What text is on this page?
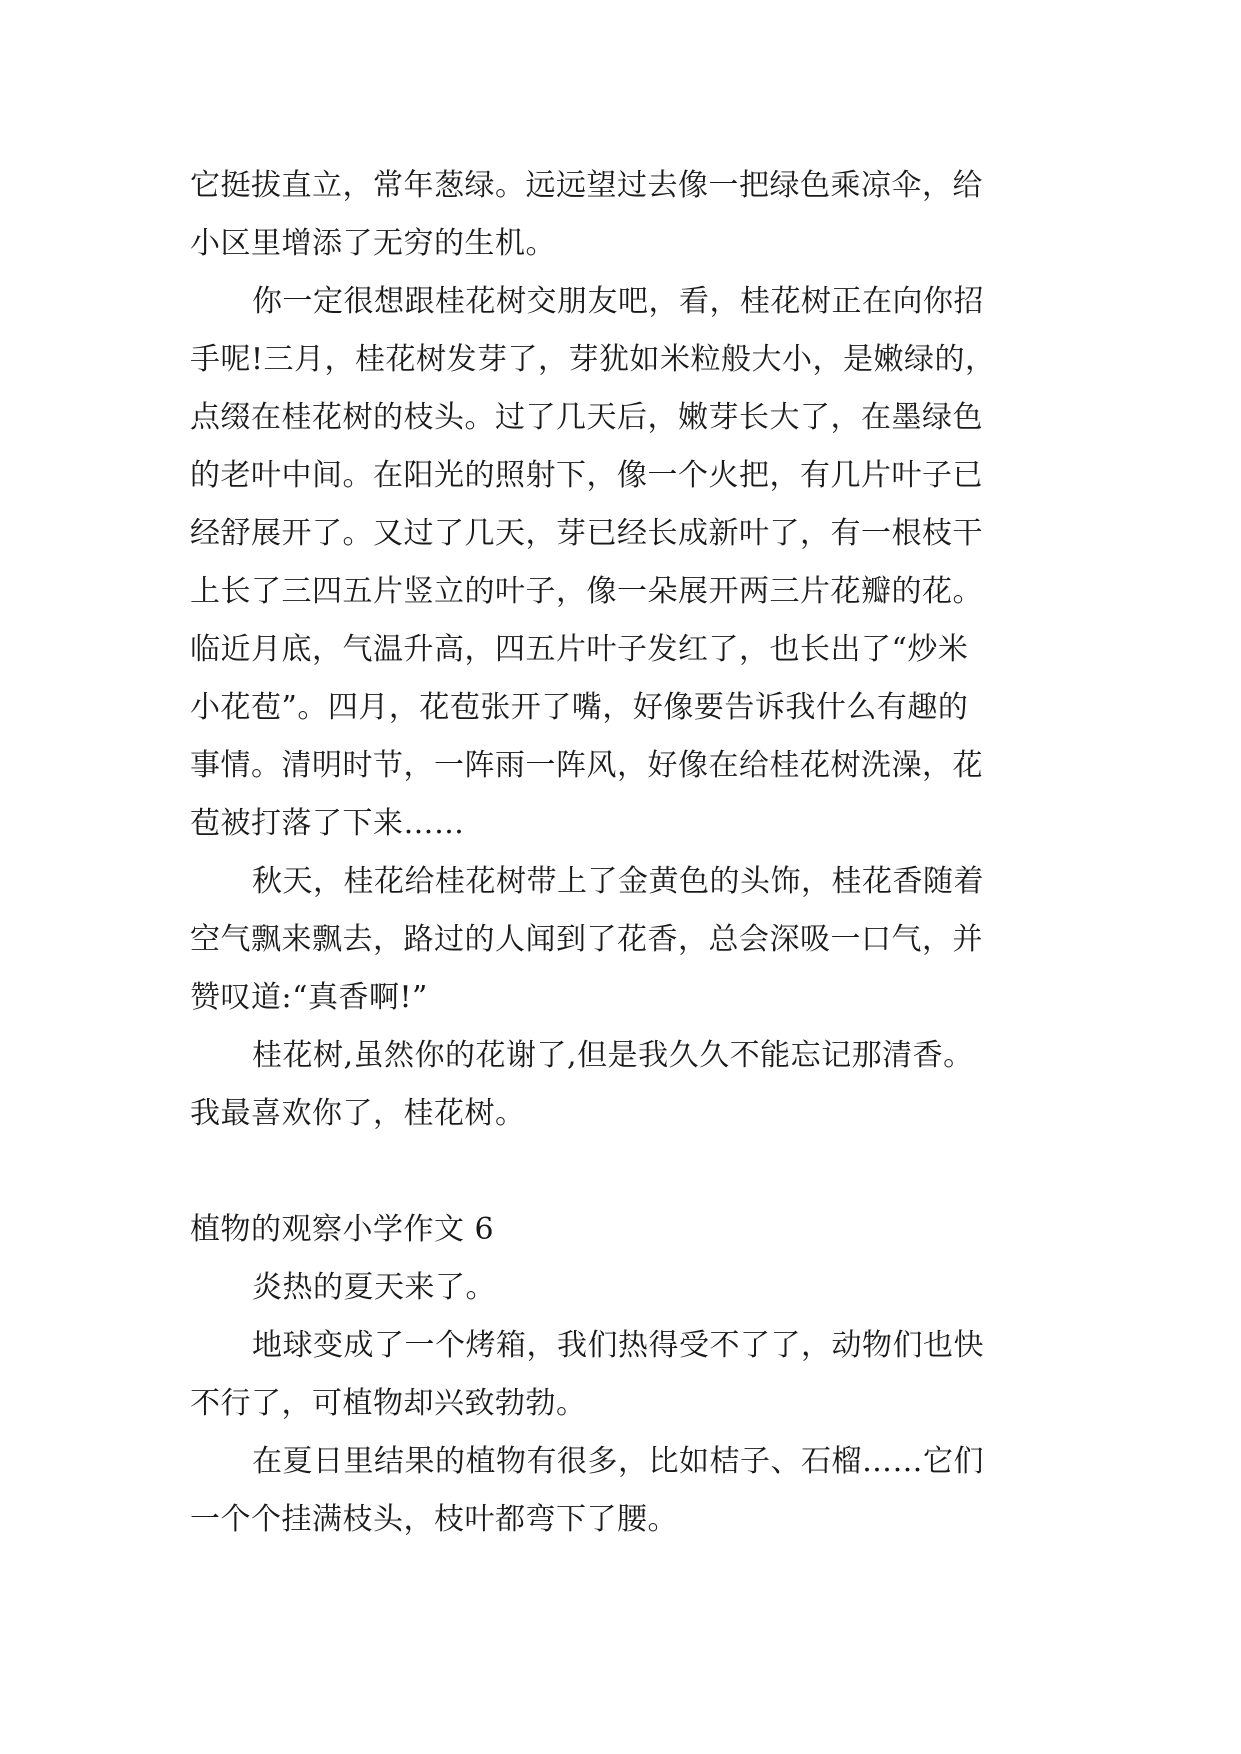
它挺拔直立，常年葱绿。远远望过去像一把绿色乘凉伞，给
小区里增添了无穷的生机。
你一定很想跟桂花树交朋友吧，看，桂花树正在向你招
手呢!三月，桂花树发芽了，芽犹如米粒般大小，是嫩绿的，
点缀在桂花树的枝头。过了几天后，嫩芽长大了，在墨绿色
的老叶中间。在阳光的照射下，像一个火把，有几片叶子已
经舒展开了。又过了几天，芽已经长成新叶了，有一根枝干
上长了三四五片竖立的叶子，像一朵展开两三片花瓣的花。
临近月底，气温升高，四五片叶子发红了，也长出了“炒米
小花苞”。四月，花苞张开了嘴，好像要告诉我什么有趣的
事情。清明时节，一阵雨一阵风，好像在给桂花树洗澡，花
苞被打落了下来……
秋天，桂花给桂花树带上了金黄色的头饰，桂花香随着
空气飘来飘去，路过的人闻到了花香，总会深吸一口气，并
赞叹道:“真香啊!”
桂花树,虽然你的花谢了,但是我久久不能忘记那清香。
我最喜欢你了，桂花树。
植物的观察小学作文 6
炎热的夏天来了。
地球变成了一个烤箱，我们热得受不了了，动物们也快
不行了，可植物却兴致勃勃。
在夏日里结果的植物有很多，比如桔子、石榴……它们
一个个挂满枝头，枝叶都弯下了腰。
